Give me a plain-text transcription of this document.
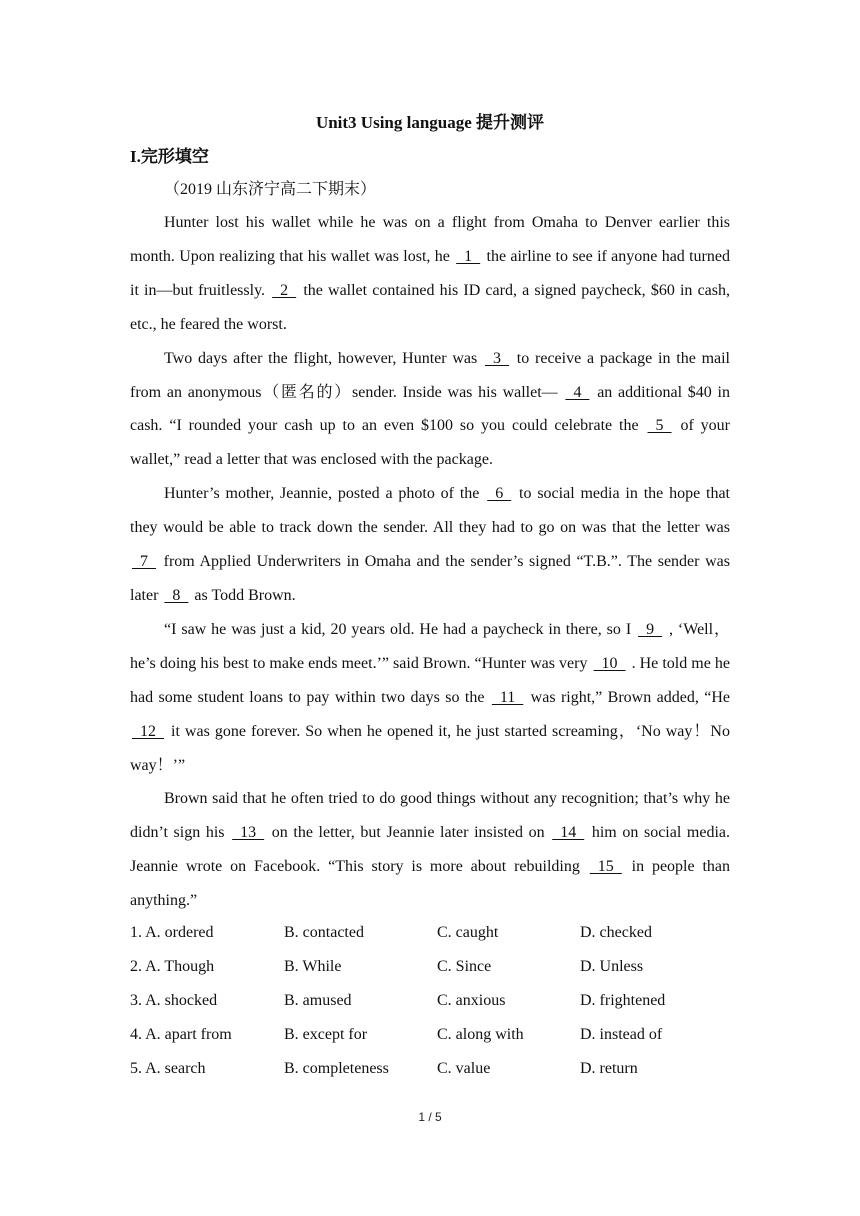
Unit3 Using language 提升测评
I.完形填空
（2019 山东济宁高二下期末）

Hunter lost his wallet while he was on a flight from Omaha to Denver earlier this month. Upon realizing that his wallet was lost, he   1   the airline to see if anyone had turned it in—but fruitlessly.   2   the wallet contained his ID card, a signed paycheck, $60 in cash, etc., he feared the worst.

Two days after the flight, however, Hunter was   3   to receive a package in the mail from an anonymous（匿名的）sender. Inside was his wallet—   4   an additional $40 in cash. “I rounded your cash up to an even $100 so you could celebrate the   5   of your wallet,” read a letter that was enclosed with the package.

Hunter’s mother, Jeannie, posted a photo of the   6   to social media in the hope that they would be able to track down the sender. All they had to go on was that the letter was   7   from Applied Underwriters in Omaha and the sender’s signed “T.B.”. The sender was later   8   as Todd Brown.

“I saw he was just a kid, 20 years old. He had a paycheck in there, so I   9   , ‘Well，he’s doing his best to make ends meet.’” said Brown. “Hunter was very   10   . He told me he had some student loans to pay within two days so the   11   was right,” Brown added, “He   12   it was gone forever. So when he opened it, he just started screaming，‘No way！No way！’”

Brown said that he often tried to do good things without any recognition; that’s why he didn’t sign his   13   on the letter, but Jeannie later insisted on   14   him on social media. Jeannie wrote on Facebook. “This story is more about rebuilding   15   in people than anything.”

1. A. ordered	B. contacted	C. caught	D. checked
2. A. Though	B. While	C. Since	D. Unless
3. A. shocked	B. amused	C. anxious	D. frightened
4. A. apart from	B. except for	C. along with	D. instead of
5. A. search	B. completeness	C. value	D. return
1 / 5
